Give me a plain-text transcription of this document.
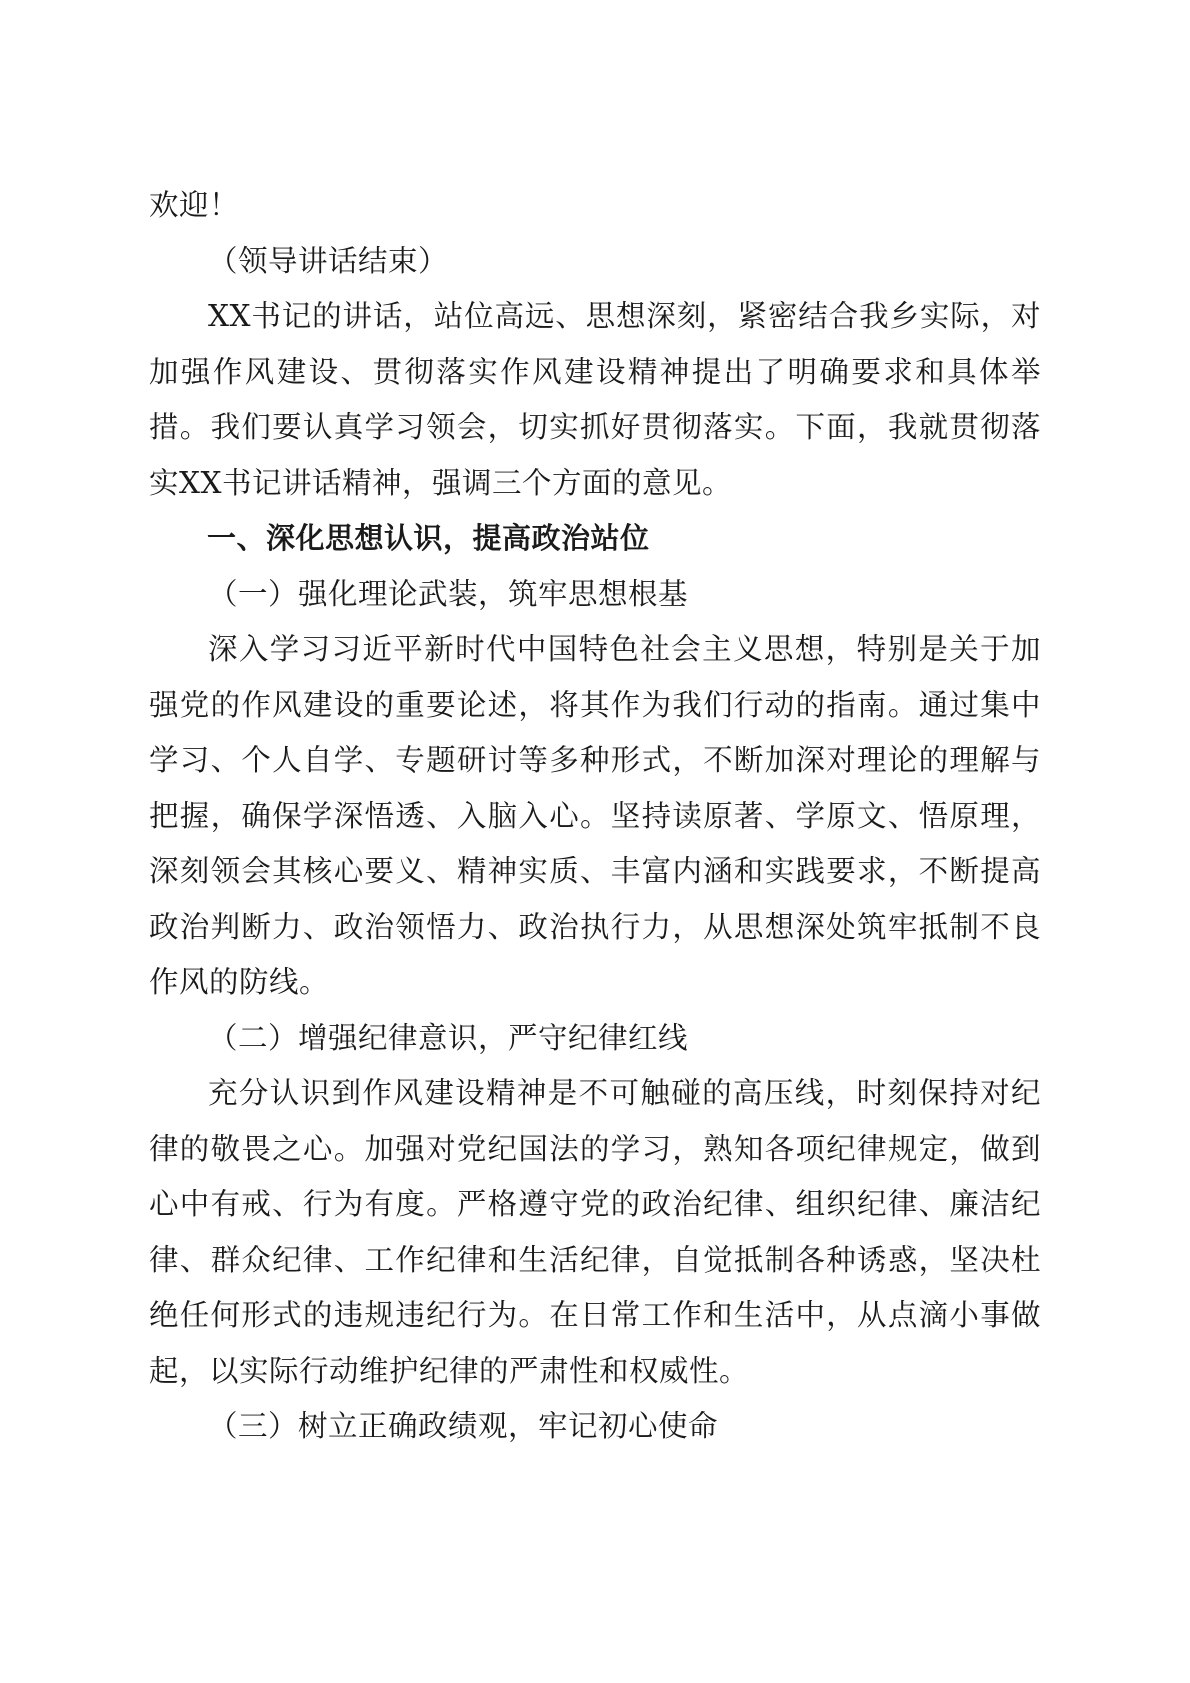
欢迎！

（领导讲话结束）

XX书记的讲话，站位高远、思想深刻，紧密结合我乡实际，对加强作风建设、贯彻落实作风建设精神提出了明确要求和具体举措。我们要认真学习领会，切实抓好贯彻落实。下面，我就贯彻落实XX书记讲话精神，强调三个方面的意见。

一、深化思想认识，提高政治站位
（一）强化理论武装，筑牢思想根基

深入学习习近平新时代中国特色社会主义思想，特别是关于加强党的作风建设的重要论述，将其作为我们行动的指南。通过集中学习、个人自学、专题研讨等多种形式，不断加深对理论的理解与把握，确保学深悟透、入脑入心。坚持读原著、学原文、悟原理，深刻领会其核心要义、精神实质、丰富内涵和实践要求，不断提高政治判断力、政治领悟力、政治执行力，从思想深处筑牢抵制不良作风的防线。

（二）增强纪律意识，严守纪律红线

充分认识到作风建设精神是不可触碰的高压线，时刻保持对纪律的敬畏之心。加强对党纪国法的学习，熟知各项纪律规定，做到心中有戒、行为有度。严格遵守党的政治纪律、组织纪律、廉洁纪律、群众纪律、工作纪律和生活纪律，自觉抵制各种诱惑，坚决杜绝任何形式的违规违纪行为。在日常工作和生活中，从点滴小事做起，以实际行动维护纪律的严肃性和权威性。

（三）树立正确政绩观，牢记初心使命
